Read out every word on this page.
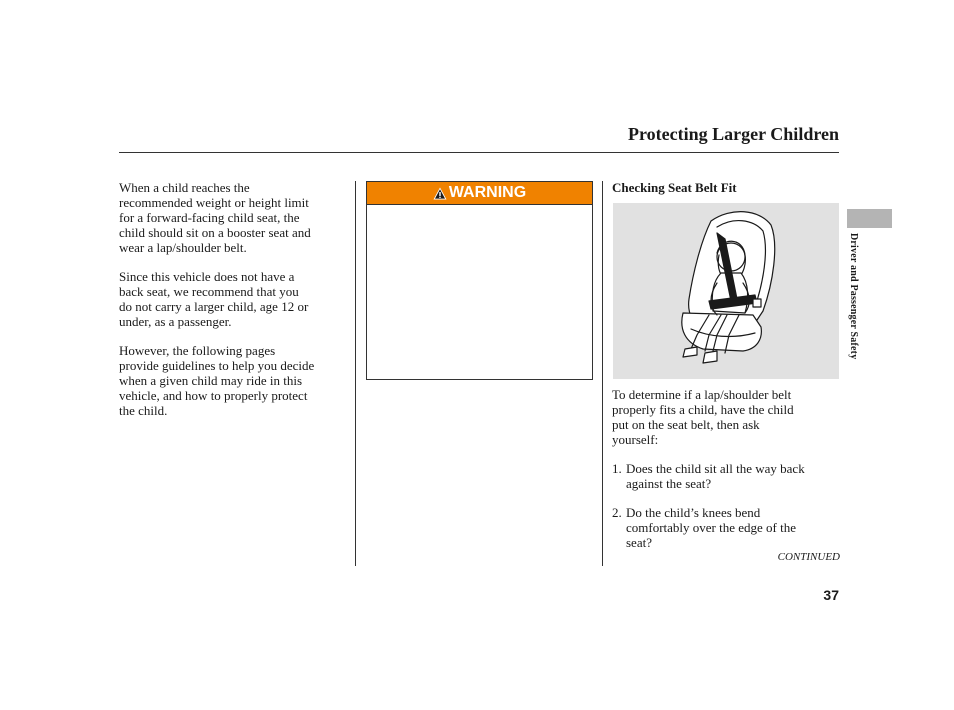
Protecting Larger Children

When a child reaches the
recommended weight or height limit
for a forward-facing child seat, the
child should sit on a booster seat and
wear a lap/shoulder belt.

Since this vehicle does not have a
back seat, we recommend that you
do not carry a larger child, age 12 or
under, as a passenger.

However, the following pages
provide guidelines to help you decide
when a given child may ride in this
vehicle, and how to properly protect
the child.

WARNING	Checking Seat Belt Fit

To determine if a lap/shoulder belt
properly fits a child, have the child
put on the seat belt, then ask
yourself:

1. Does the child sit all the way back
against the seat?
2. Do the child’s knees bend
comfortably over the edge of the
seat?
CONTINUED
37
Driver and Passenger Safety
